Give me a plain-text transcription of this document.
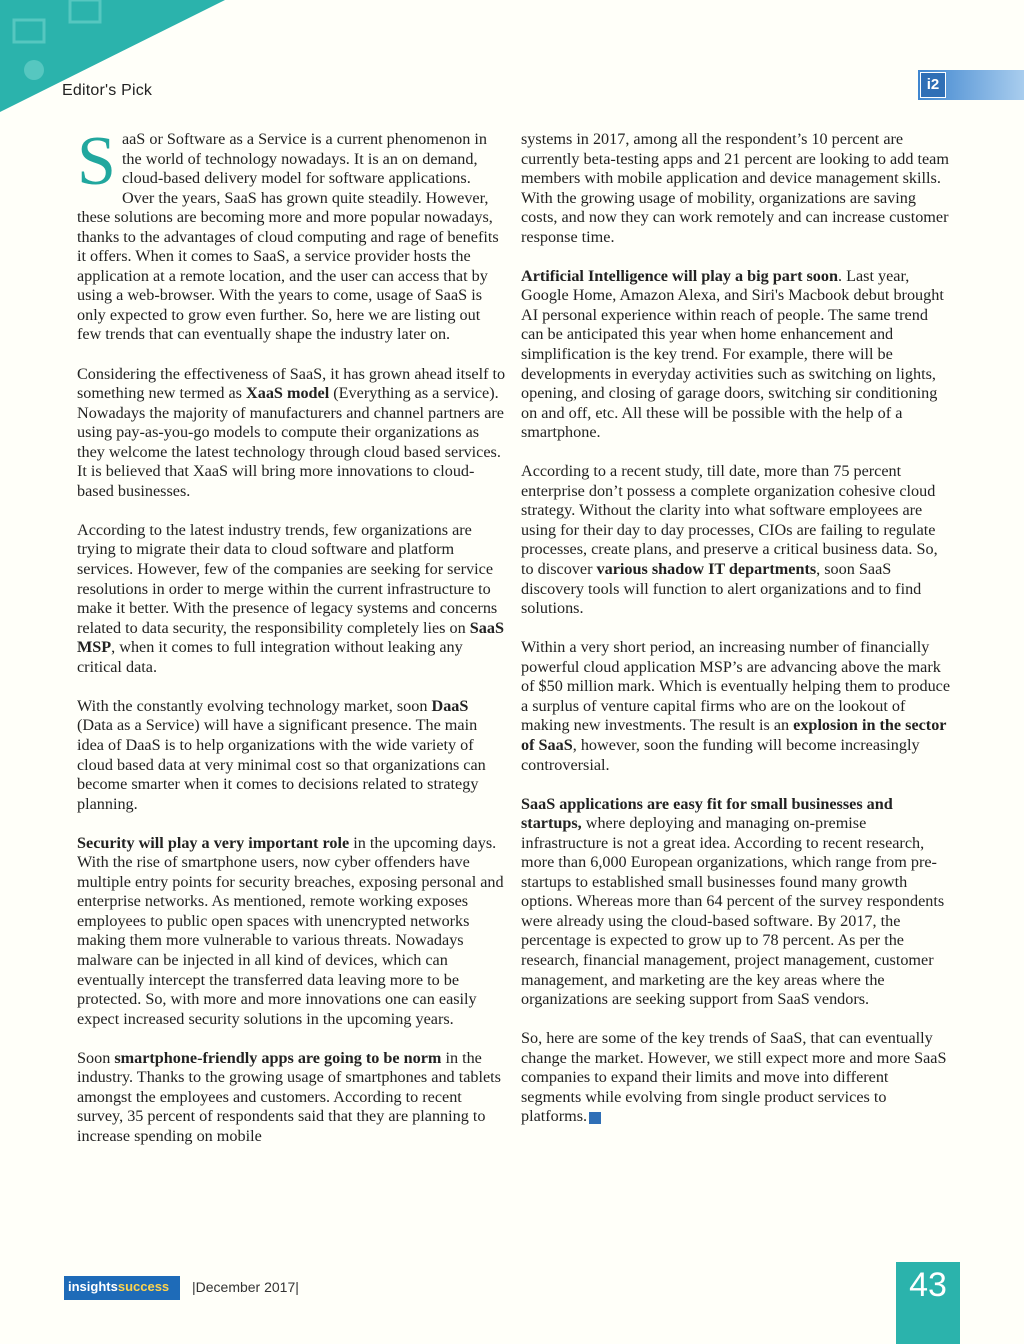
Editor's Pick	i2

SaaS or Software as a Service is a current phenomenon in the world of technology nowadays. It is an on demand, cloud-based delivery model for software applications. Over the years, SaaS has grown quite steadily. However, these solutions are becoming more and more popular nowadays, thanks to the advantages of cloud computing and rage of benefits it offers. When it comes to SaaS, a service provider hosts the application at a remote location, and the user can access that by using a web-browser. With the years to come, usage of SaaS is only expected to grow even further. So, here we are listing out few trends that can eventually shape the industry later on.

Considering the effectiveness of SaaS, it has grown ahead itself to something new termed as XaaS model (Everything as a service). Nowadays the majority of manufacturers and channel partners are using pay-as-you-go models to compute their organizations as they welcome the latest technology through cloud based services. It is believed that XaaS will bring more innovations to cloud-based businesses.

According to the latest industry trends, few organizations are trying to migrate their data to cloud software and platform services. However, few of the companies are seeking for service resolutions in order to merge within the current infrastructure to make it better. With the presence of legacy systems and concerns related to data security, the responsibility completely lies on SaaS MSP, when it comes to full integration without leaking any critical data.

With the constantly evolving technology market, soon DaaS (Data as a Service) will have a significant presence. The main idea of DaaS is to help organizations with the wide variety of cloud based data at very minimal cost so that organizations can become smarter when it comes to decisions related to strategy planning.

Security will play a very important role in the upcoming days. With the rise of smartphone users, now cyber offenders have multiple entry points for security breaches, exposing personal and enterprise networks. As mentioned, remote working exposes employees to public open spaces with unencrypted networks making them more vulnerable to various threats. Nowadays malware can be injected in all kind of devices, which can eventually intercept the transferred data leaving more to be protected. So, with more and more innovations one can easily expect increased security solutions in the upcoming years.

Soon smartphone-friendly apps are going to be norm in the industry. Thanks to the growing usage of smartphones and tablets amongst the employees and customers. According to recent survey, 35 percent of respondents said that they are planning to increase spending on mobile

systems in 2017, among all the respondent’s 10 percent are currently beta-testing apps and 21 percent are looking to add team members with mobile application and device management skills. With the growing usage of mobility, organizations are saving costs, and now they can work remotely and can increase customer response time.

Artificial Intelligence will play a big part soon. Last year, Google Home, Amazon Alexa, and Siri's Macbook debut brought AI personal experience within reach of people. The same trend can be anticipated this year when home enhancement and simplification is the key trend. For example, there will be developments in everyday activities such as switching on lights, opening, and closing of garage doors, switching sir conditioning on and off, etc. All these will be possible with the help of a smartphone.

According to a recent study, till date, more than 75 percent enterprise don’t possess a complete organization cohesive cloud strategy. Without the clarity into what software employees are using for their day to day processes, CIOs are failing to regulate processes, create plans, and preserve a critical business data. So, to discover various shadow IT departments, soon SaaS discovery tools will function to alert organizations and to find solutions.

Within a very short period, an increasing number of financially powerful cloud application MSP’s are advancing above the mark of $50 million mark. Which is eventually helping them to produce a surplus of venture capital firms who are on the lookout of making new investments. The result is an explosion in the sector of SaaS, however, soon the funding will become increasingly controversial.

SaaS applications are easy fit for small businesses and startups, where deploying and managing on-premise infrastructure is not a great idea. According to recent research, more than 6,000 European organizations, which range from pre-startups to established small businesses found many growth options. Whereas more than 64 percent of the survey respondents were already using the cloud-based software. By 2017, the percentage is expected to grow up to 78 percent. As per the research, financial management, project management, customer management, and marketing are the key areas where the organizations are seeking support from SaaS vendors.

So, here are some of the key trends of SaaS, that can eventually change the market. However, we still expect more and more SaaS companies to expand their limits and move into different segments while evolving from single product services to platforms.

insightssuccess	|December 2017|	43
